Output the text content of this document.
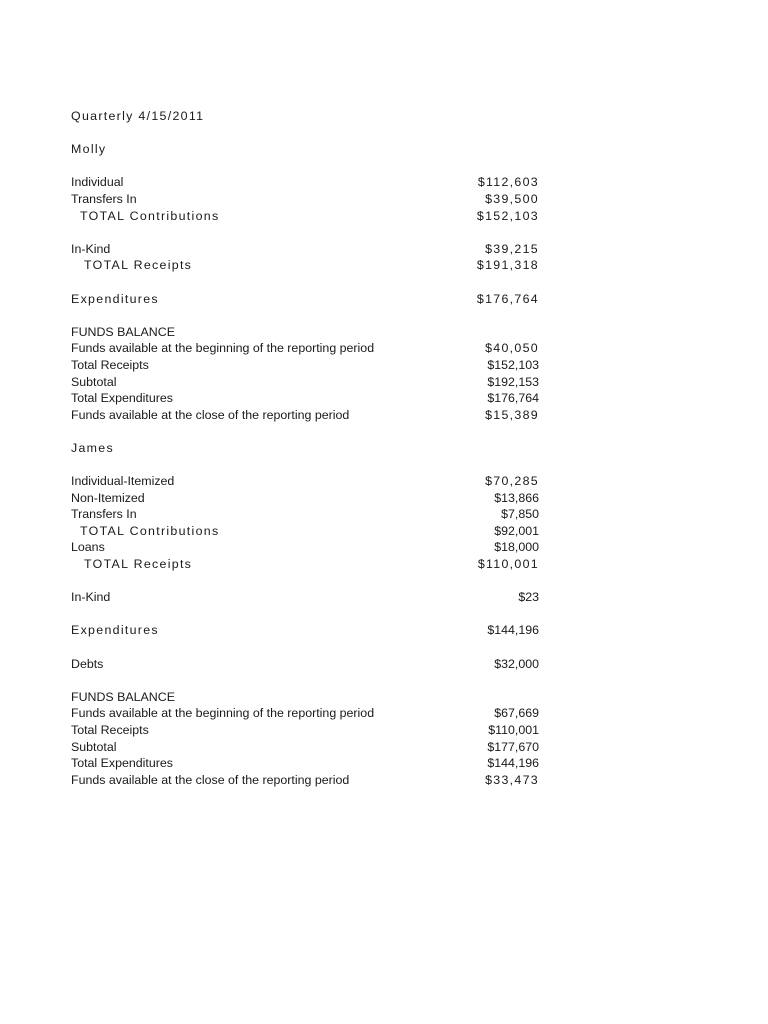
Quarterly 4/15/2011
Molly
Individual	$112,603
Transfers In	$39,500
TOTAL Contributions	$152,103
In-Kind	$39,215
TOTAL Receipts	$191,318
Expenditures	$176,764
FUNDS BALANCE
Funds available at the beginning of the reporting period	$40,050
Total Receipts	$152,103
Subtotal	$192,153
Total Expenditures	$176,764
Funds available at the close of the reporting period	$15,389
James
Individual-Itemized	$70,285
Non-Itemized	$13,866
Transfers In	$7,850
TOTAL Contributions	$92,001
Loans	$18,000
TOTAL Receipts	$110,001
In-Kind	$23
Expenditures	$144,196
Debts	$32,000
FUNDS BALANCE
Funds available at the beginning of the reporting period	$67,669
Total Receipts	$110,001
Subtotal	$177,670
Total Expenditures	$144,196
Funds available at the close of the reporting period	$33,473
